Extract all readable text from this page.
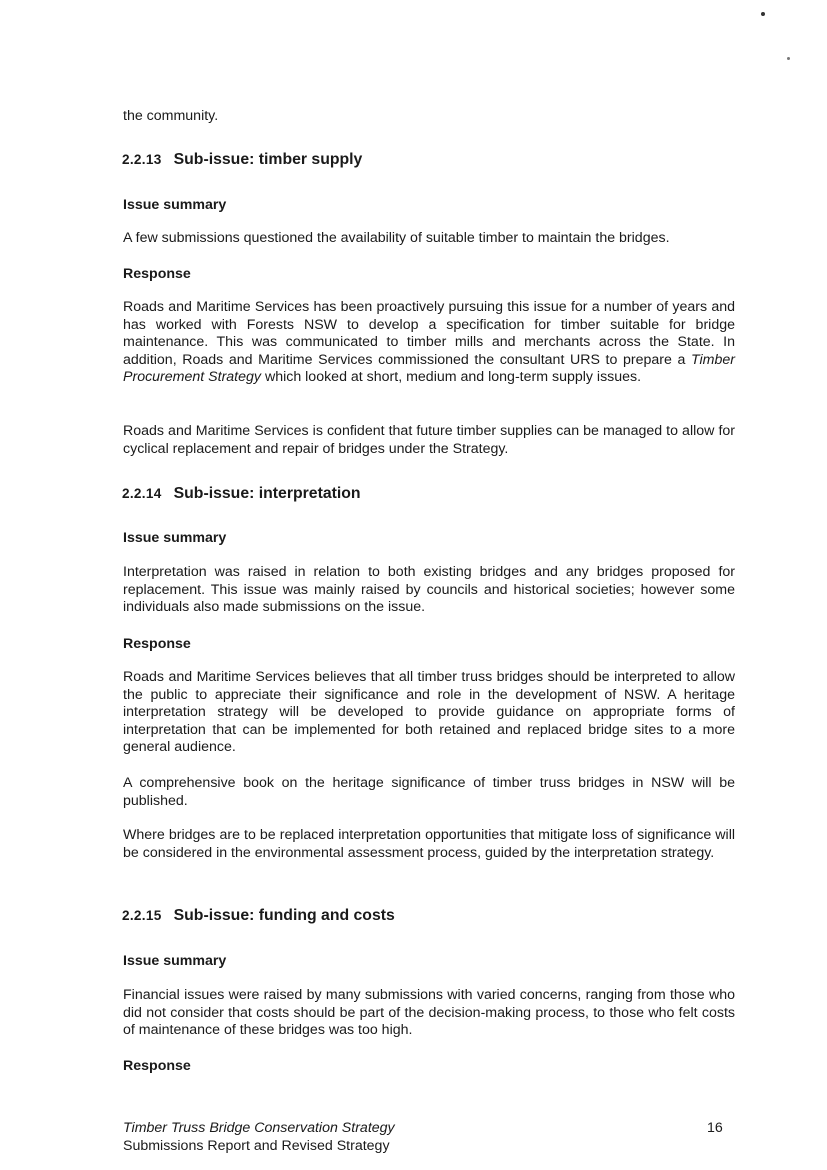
the community.

2.2.13 Sub-issue: timber supply

Issue summary

A few submissions questioned the availability of suitable timber to maintain the bridges.

Response

Roads and Maritime Services has been proactively pursuing this issue for a number of years and has worked with Forests NSW to develop a specification for timber suitable for bridge maintenance. This was communicated to timber mills and merchants across the State. In addition, Roads and Maritime Services commissioned the consultant URS to prepare a Timber Procurement Strategy which looked at short, medium and long-term supply issues.

Roads and Maritime Services is confident that future timber supplies can be managed to allow for cyclical replacement and repair of bridges under the Strategy.

2.2.14 Sub-issue: interpretation

Issue summary

Interpretation was raised in relation to both existing bridges and any bridges proposed for replacement. This issue was mainly raised by councils and historical societies; however some individuals also made submissions on the issue.

Response

Roads and Maritime Services believes that all timber truss bridges should be interpreted to allow the public to appreciate their significance and role in the development of NSW. A heritage interpretation strategy will be developed to provide guidance on appropriate forms of interpretation that can be implemented for both retained and replaced bridge sites to a more general audience.

A comprehensive book on the heritage significance of timber truss bridges in NSW will be published.

Where bridges are to be replaced interpretation opportunities that mitigate loss of significance will be considered in the environmental assessment process, guided by the interpretation strategy.

2.2.15 Sub-issue: funding and costs

Issue summary

Financial issues were raised by many submissions with varied concerns, ranging from those who did not consider that costs should be part of the decision-making process, to those who felt costs of maintenance of these bridges was too high.

Response

Timber Truss Bridge Conservation Strategy
Submissions Report and Revised Strategy
16
